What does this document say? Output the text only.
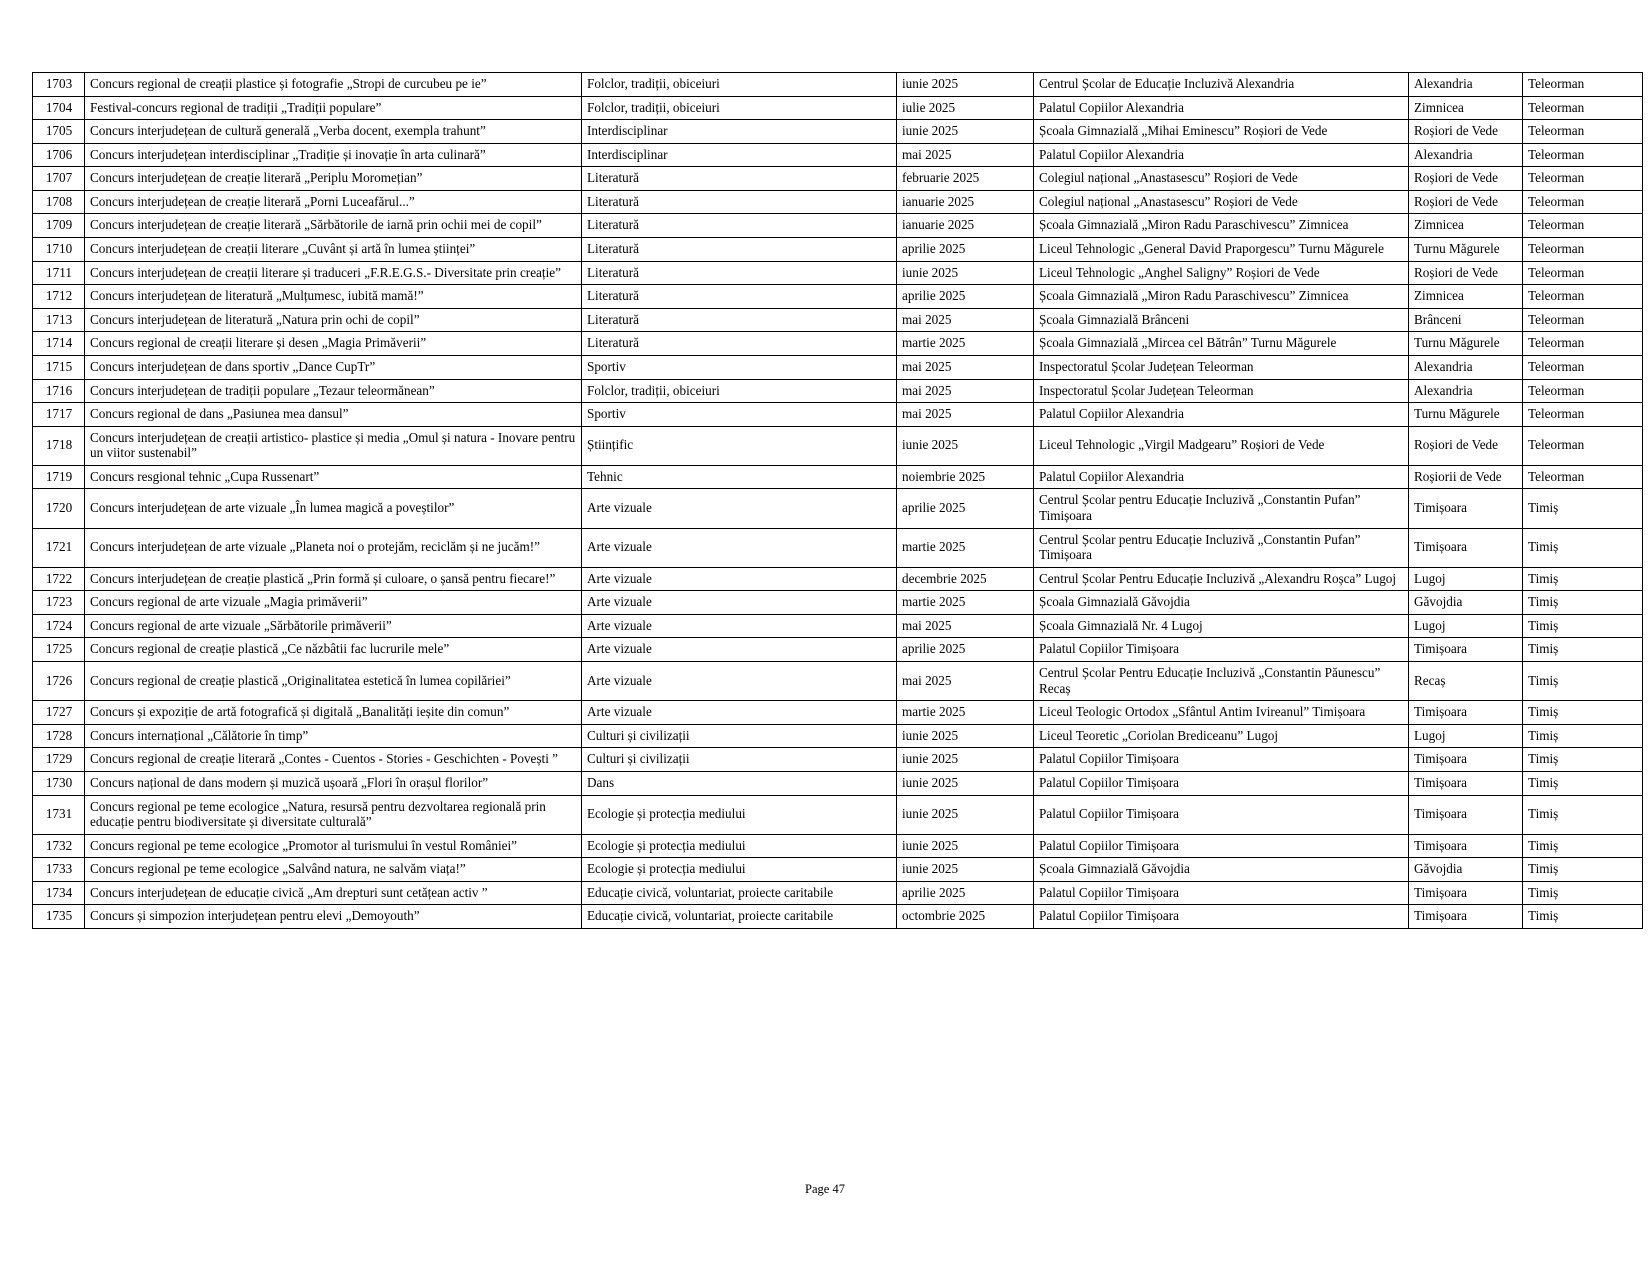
1703	Concurs regional de creații plastice și fotografie „Stropi de curcubeu pe ie”	Folclor, tradiții, obiceiuri	iunie 2025	Centrul Școlar de Educație Incluzivă Alexandria	Alexandria	Teleorman
1704	Festival-concurs regional de tradiții „Tradiții populare”	Folclor, tradiții, obiceiuri	iulie 2025	Palatul Copiilor Alexandria	Zimnicea	Teleorman
1705	Concurs interjudețean de cultură generală „Verba docent, exempla trahunt”	Interdisciplinar	iunie 2025	Școala Gimnazială „Mihai Eminescu” Roșiori de Vede	Roșiori de Vede	Teleorman
1706	Concurs interjudețean interdisciplinar „Tradiție și inovație în arta culinară”	Interdisciplinar	mai 2025	Palatul Copiilor Alexandria	Alexandria	Teleorman
1707	Concurs interjudețean de creație literară „Periplu Moromețian”	Literatură	februarie 2025	Colegiul național „Anastasescu” Roșiori de Vede	Roșiori de Vede	Teleorman
1708	Concurs interjudețean de creație literară „Porni Luceafărul...”	Literatură	ianuarie 2025	Colegiul național „Anastasescu” Roșiori de Vede	Roșiori de Vede	Teleorman
1709	Concurs interjudețean de creație literară „Sărbătorile de iarnă prin ochii mei de copil”	Literatură	ianuarie 2025	Școala Gimnazială „Miron Radu Paraschivescu” Zimnicea	Zimnicea	Teleorman
1710	Concurs interjudețean de creații literare „Cuvânt și artă în lumea științei”	Literatură	aprilie 2025	Liceul Tehnologic „General David Praporgescu” Turnu Măgurele	Turnu Măgurele	Teleorman
1711	Concurs interjudețean de creații literare și traduceri „F.R.E.G.S.- Diversitate prin creație”	Literatură	iunie 2025	Liceul Tehnologic „Anghel Saligny” Roșiori de Vede	Roșiori de Vede	Teleorman
1712	Concurs interjudețean de literatură „Mulțumesc, iubită mamă!”	Literatură	aprilie 2025	Școala Gimnazială „Miron Radu Paraschivescu” Zimnicea	Zimnicea	Teleorman
1713	Concurs interjudețean de literatură „Natura prin ochi de copil”	Literatură	mai 2025	Școala Gimnazială Brânceni	Brânceni	Teleorman
1714	Concurs regional de creații literare și desen „Magia Primăverii”	Literatură	martie 2025	Școala Gimnazială „Mircea cel Bătrân” Turnu Măgurele	Turnu Măgurele	Teleorman
1715	Concurs interjudețean de dans sportiv „Dance CupTr”	Sportiv	mai 2025	Inspectoratul Școlar Județean Teleorman	Alexandria	Teleorman
1716	Concurs interjudețean de tradiții populare „Tezaur teleormănean”	Folclor, tradiții, obiceiuri	mai 2025	Inspectoratul Școlar Județean Teleorman	Alexandria	Teleorman
1717	Concurs regional de dans „Pasiunea mea dansul”	Sportiv	mai 2025	Palatul Copiilor Alexandria	Turnu Măgurele	Teleorman
1718	Concurs interjudețean de creații artistico- plastice și media „Omul și natura - Inovare pentru un viitor sustenabil”	Științific	iunie 2025	Liceul Tehnologic „Virgil Madgearu” Roșiori de Vede	Roșiori de Vede	Teleorman
1719	Concurs resgional tehnic „Cupa Russenart”	Tehnic	noiembrie 2025	Palatul Copiilor Alexandria	Roșiorii de Vede	Teleorman
1720	Concurs interjudețean de arte vizuale „În lumea magică a poveștilor”	Arte vizuale	aprilie 2025	Centrul Școlar pentru Educație Incluzivă „Constantin Pufan” Timișoara	Timișoara	Timiș
1721	Concurs interjudețean de arte vizuale „Planeta noi o protejăm, reciclăm și ne jucăm!”	Arte vizuale	martie 2025	Centrul Școlar pentru Educație Incluzivă „Constantin Pufan” Timișoara	Timișoara	Timiș
1722	Concurs interjudețean de creație plastică „Prin formă și culoare, o șansă pentru fiecare!”	Arte vizuale	decembrie 2025	Centrul Școlar Pentru Educație Incluzivă „Alexandru Roșca” Lugoj	Lugoj	Timiș
1723	Concurs regional de arte vizuale „Magia primăverii”	Arte vizuale	martie 2025	Școala Gimnazială Găvojdia	Găvojdia	Timiș
1724	Concurs regional de arte vizuale „Sărbătorile primăverii”	Arte vizuale	mai 2025	Școala Gimnazială Nr. 4 Lugoj	Lugoj	Timiș
1725	Concurs regional de creație plastică „Ce năzbâtii fac lucrurile mele”	Arte vizuale	aprilie 2025	Palatul Copiilor Timișoara	Timișoara	Timiș
1726	Concurs regional de creație plastică „Originalitatea estetică în lumea copilăriei”	Arte vizuale	mai 2025	Centrul Școlar Pentru Educație Incluzivă „Constantin Păunescu” Recaș	Recaș	Timiș
1727	Concurs și expoziție de artă fotografică și digitală „Banalități ieșite din comun”	Arte vizuale	martie 2025	Liceul Teologic Ortodox „Sfântul Antim Ivireanul” Timișoara	Timișoara	Timiș
1728	Concurs internațional „Călătorie în timp”	Culturi și civilizații	iunie 2025	Liceul Teoretic „Coriolan Brediceanu” Lugoj	Lugoj	Timiș
1729	Concurs regional de creație literară „Contes - Cuentos - Stories - Geschichten - Povești ”	Culturi și civilizații	iunie 2025	Palatul Copiilor Timișoara	Timișoara	Timiș
1730	Concurs național de dans modern și muzică ușoară „Flori în orașul florilor”	Dans	iunie 2025	Palatul Copiilor Timișoara	Timișoara	Timiș
1731	Concurs regional pe teme ecologice „Natura, resursă pentru dezvoltarea regională prin educație pentru biodiversitate și diversitate culturală”	Ecologie și protecția mediului	iunie 2025	Palatul Copiilor Timișoara	Timișoara	Timiș
1732	Concurs regional pe teme ecologice „Promotor al turismului în vestul României”	Ecologie și protecția mediului	iunie 2025	Palatul Copiilor Timișoara	Timișoara	Timiș
1733	Concurs regional pe teme ecologice „Salvând natura, ne salvăm viața!”	Ecologie și protecția mediului	iunie 2025	Școala Gimnazială Găvojdia	Găvojdia	Timiș
1734	Concurs interjudețean de educație civică „Am drepturi sunt cetățean activ ”	Educație civică, voluntariat, proiecte caritabile	aprilie 2025	Palatul Copiilor Timișoara	Timișoara	Timiș
1735	Concurs și simpozion interjudețean pentru elevi „Demoyouth”	Educație civică, voluntariat, proiecte caritabile	octombrie 2025	Palatul Copiilor Timișoara	Timișoara	Timiș
Page 47
